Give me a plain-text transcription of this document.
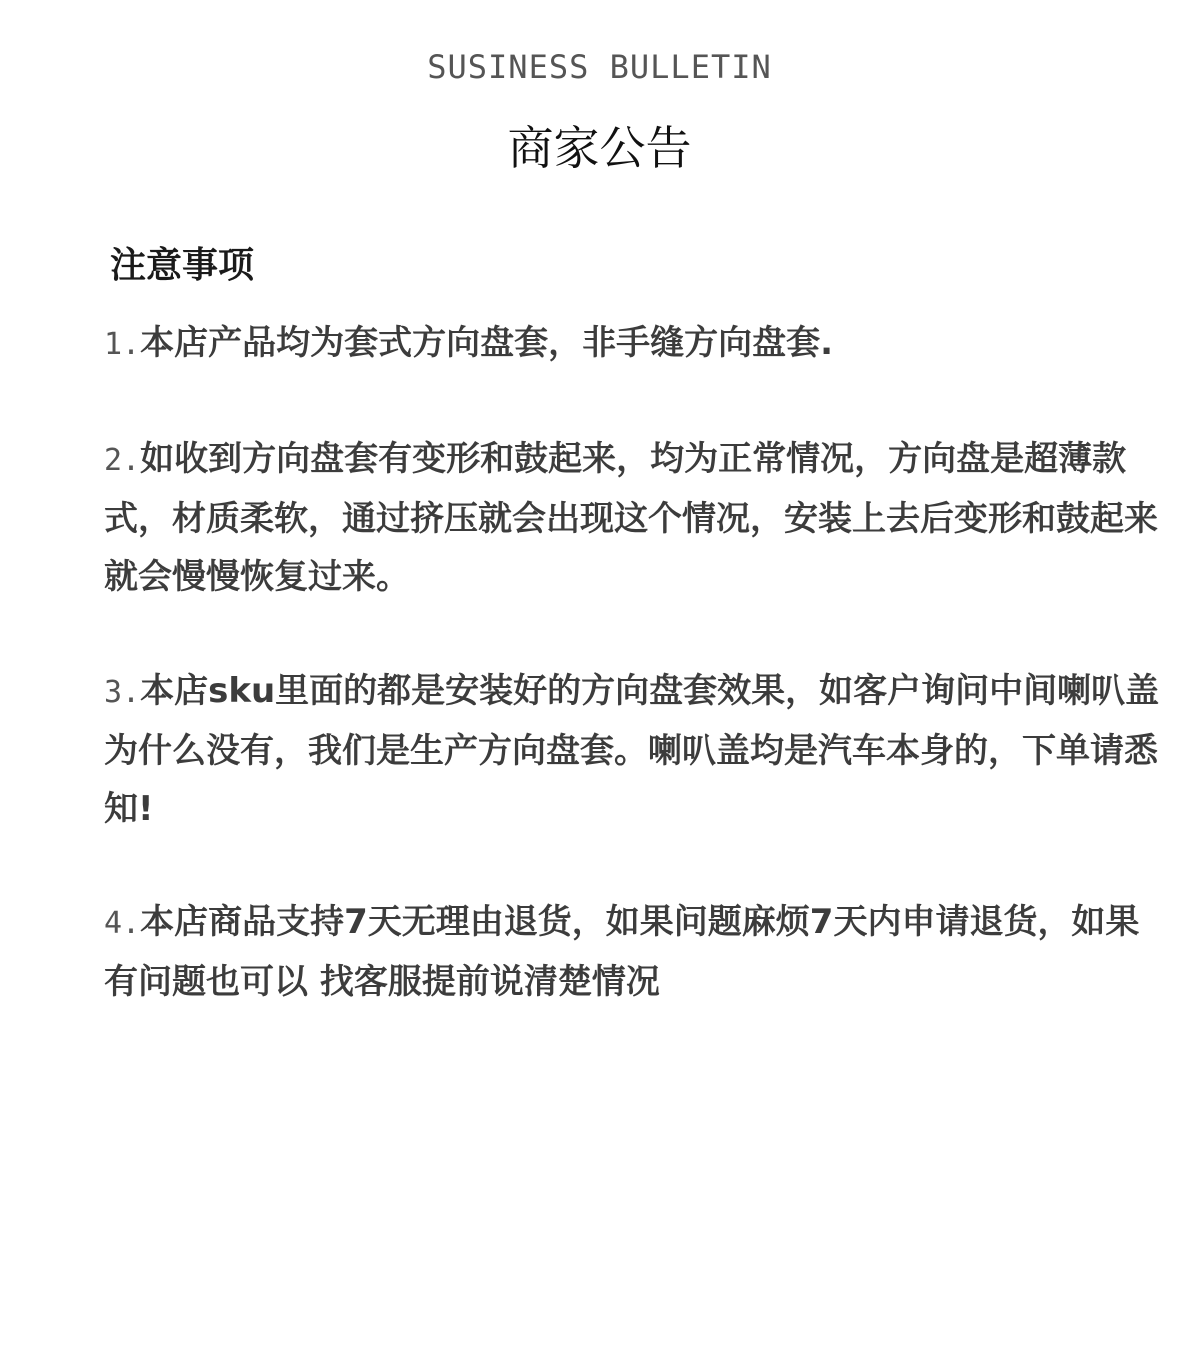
SUSINESS BULLETIN
商家公告
注意事项
1.本店产品均为套式方向盘套，非手缝方向盘套.
2.如收到方向盘套有变形和鼓起来，均为正常情况，方向盘是超薄款式，材质柔软，通过挤压就会出现这个情况，安装上去后变形和鼓起来就会慢慢恢复过来。
3.本店sku里面的都是安装好的方向盘套效果，如客户询问中间喇叭盖为什么没有，我们是生产方向盘套。喇叭盖均是汽车本身的，下单请悉知!
4.本店商品支持7天无理由退货，如果问题麻烦7天内申请退货，如果有问题也可以 找客服提前说清楚情况
